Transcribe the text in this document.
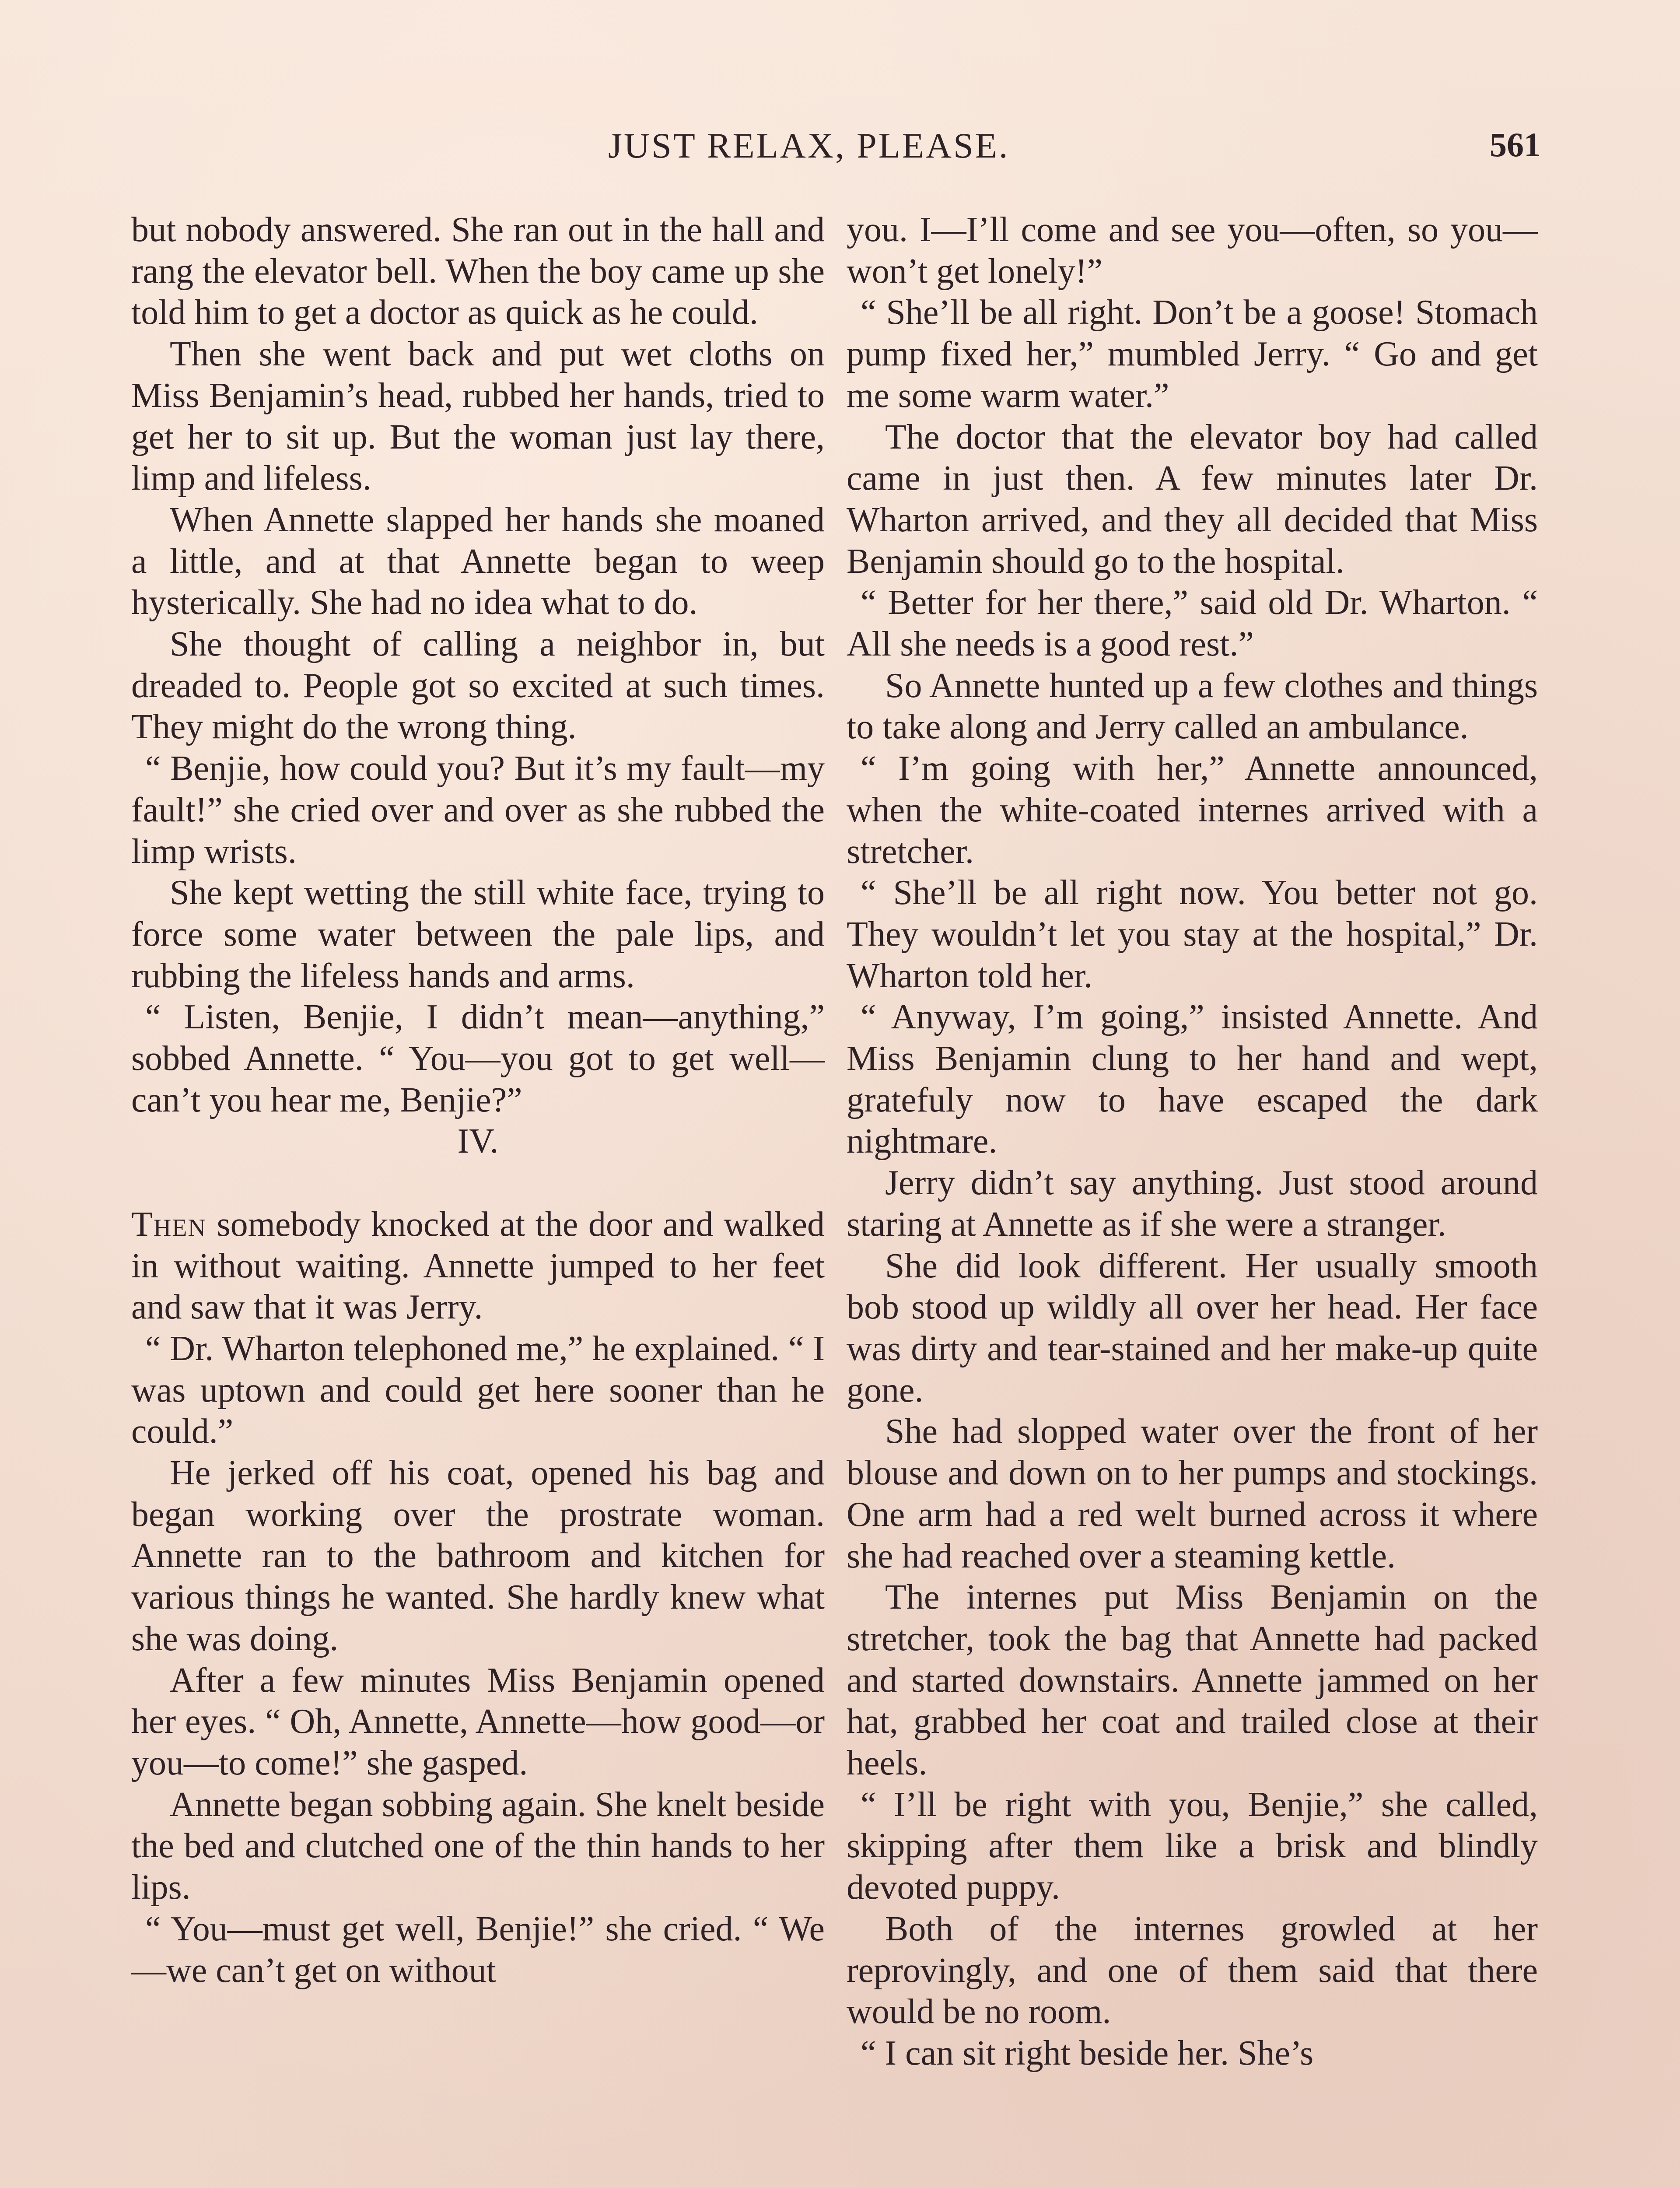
JUST RELAX, PLEASE.	561

but nobody answered. She ran out in the hall and rang the elevator bell. When the boy came up she told him to get a doctor as quick as he could.

Then she went back and put wet cloths on Miss Benjamin’s head, rubbed her hands, tried to get her to sit up. But the woman just lay there, limp and lifeless.

When Annette slapped her hands she moaned a little, and at that Annette began to weep hysterically. She had no idea what to do.

She thought of calling a neighbor in, but dreaded to. People got so excited at such times. They might do the wrong thing.

“ Benjie, how could you? But it’s my fault—my fault!” she cried over and over as she rubbed the limp wrists.

She kept wetting the still white face, trying to force some water between the pale lips, and rubbing the lifeless hands and arms.

“ Listen, Benjie, I didn’t mean—anything,” sobbed Annette. “ You—you got to get well—can’t you hear me, Benjie?”

IV.

Then somebody knocked at the door and walked in without waiting. Annette jumped to her feet and saw that it was Jerry.

“ Dr. Wharton telephoned me,” he explained. “ I was uptown and could get here sooner than he could.”

He jerked off his coat, opened his bag and began working over the prostrate woman. Annette ran to the bathroom and kitchen for various things he wanted. She hardly knew what she was doing.

After a few minutes Miss Benjamin opened her eyes. “ Oh, Annette, Annette—how good—or you—to come!” she gasped.

Annette began sobbing again. She knelt beside the bed and clutched one of the thin hands to her lips.

“ You—must get well, Benjie!” she cried. “ We—we can’t get on without

you. I—I’ll come and see you—often, so you—won’t get lonely!”

“ She’ll be all right. Don’t be a goose! Stomach pump fixed her,” mumbled Jerry. “ Go and get me some warm water.”

The doctor that the elevator boy had called came in just then. A few minutes later Dr. Wharton arrived, and they all decided that Miss Benjamin should go to the hospital.

“ Better for her there,” said old Dr. Wharton. “ All she needs is a good rest.”

So Annette hunted up a few clothes and things to take along and Jerry called an ambulance.

“ I’m going with her,” Annette announced, when the white-coated internes arrived with a stretcher.

“ She’ll be all right now. You better not go. They wouldn’t let you stay at the hospital,” Dr. Wharton told her.

“ Anyway, I’m going,” insisted Annette. And Miss Benjamin clung to her hand and wept, gratefuly now to have escaped the dark nightmare.

Jerry didn’t say anything. Just stood around staring at Annette as if she were a stranger.

She did look different. Her usually smooth bob stood up wildly all over her head. Her face was dirty and tear-stained and her make-up quite gone.

She had slopped water over the front of her blouse and down on to her pumps and stockings. One arm had a red welt burned across it where she had reached over a steaming kettle.

The internes put Miss Benjamin on the stretcher, took the bag that Annette had packed and started downstairs. Annette jammed on her hat, grabbed her coat and trailed close at their heels.

“ I’ll be right with you, Benjie,” she called, skipping after them like a brisk and blindly devoted puppy.

Both of the internes growled at her reprovingly, and one of them said that there would be no room.

“ I can sit right beside her. She’s
